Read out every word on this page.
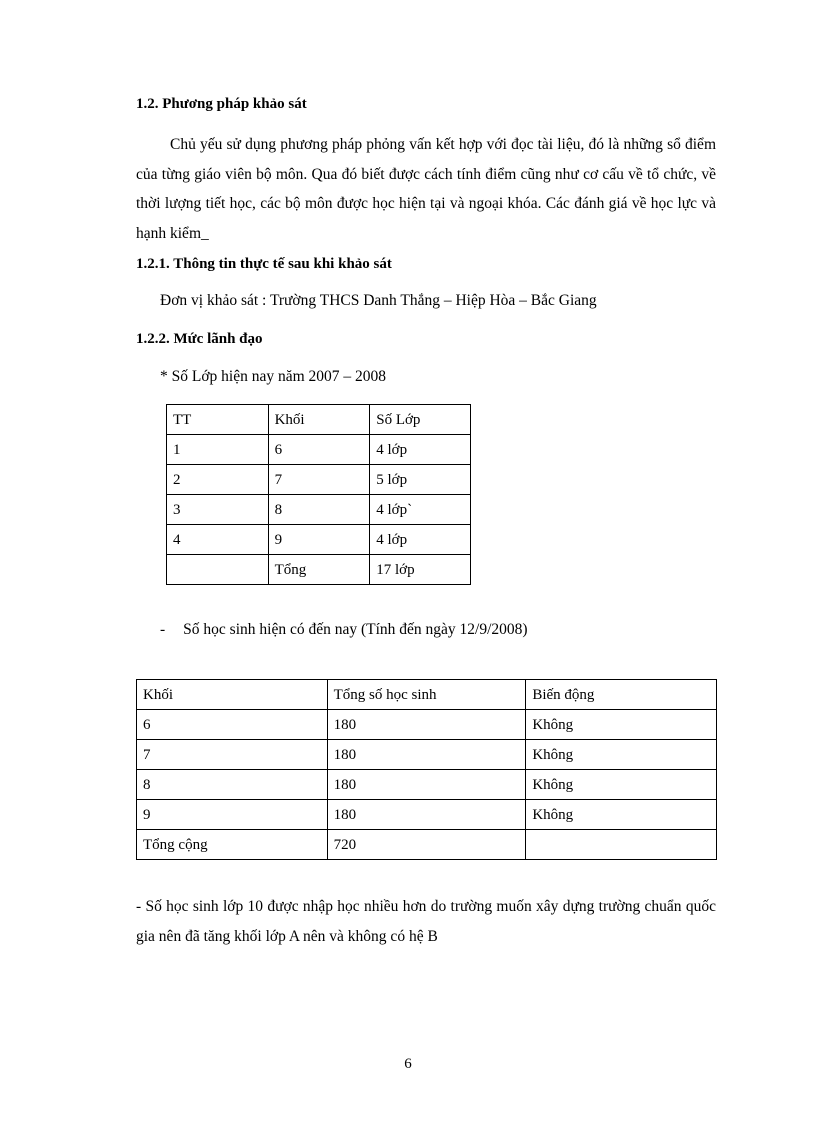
1.2. Phương pháp khảo sát
Chủ yếu sử dụng phương pháp phỏng vấn kết hợp với đọc tài liệu, đó là những sổ điểm của từng giáo viên bộ môn. Qua đó biết được cách tính điểm cũng như cơ cấu về tổ chức, về thời lượng tiết học, các bộ môn được học hiện tại và ngoại khóa. Các đánh giá về học lực và hạnh kiểm_
1.2.1. Thông tin thực tế sau khi khảo sát
Đơn vị khảo sát : Trường THCS Danh Thắng – Hiệp Hòa – Bắc Giang
1.2.2. Mức lãnh đạo
* Số Lớp hiện nay năm 2007 – 2008
TT	Khối	Số Lớp
1	6	4 lớp
2	7	5 lớp
3	8	4 lớp`
4	9	4 lớp
	Tổng	17 lớp
- Số học sinh hiện có đến nay (Tính đến ngày 12/9/2008)
Khối	Tổng số học sinh	Biến động
6	180	Không
7	180	Không
8	180	Không
9	180	Không
Tổng cộng	720	
- Số học sinh lớp 10 được nhập học nhiều hơn do trường muốn xây dựng trường chuẩn quốc gia nên đã tăng khối lớp A nên và không có hệ B
6
